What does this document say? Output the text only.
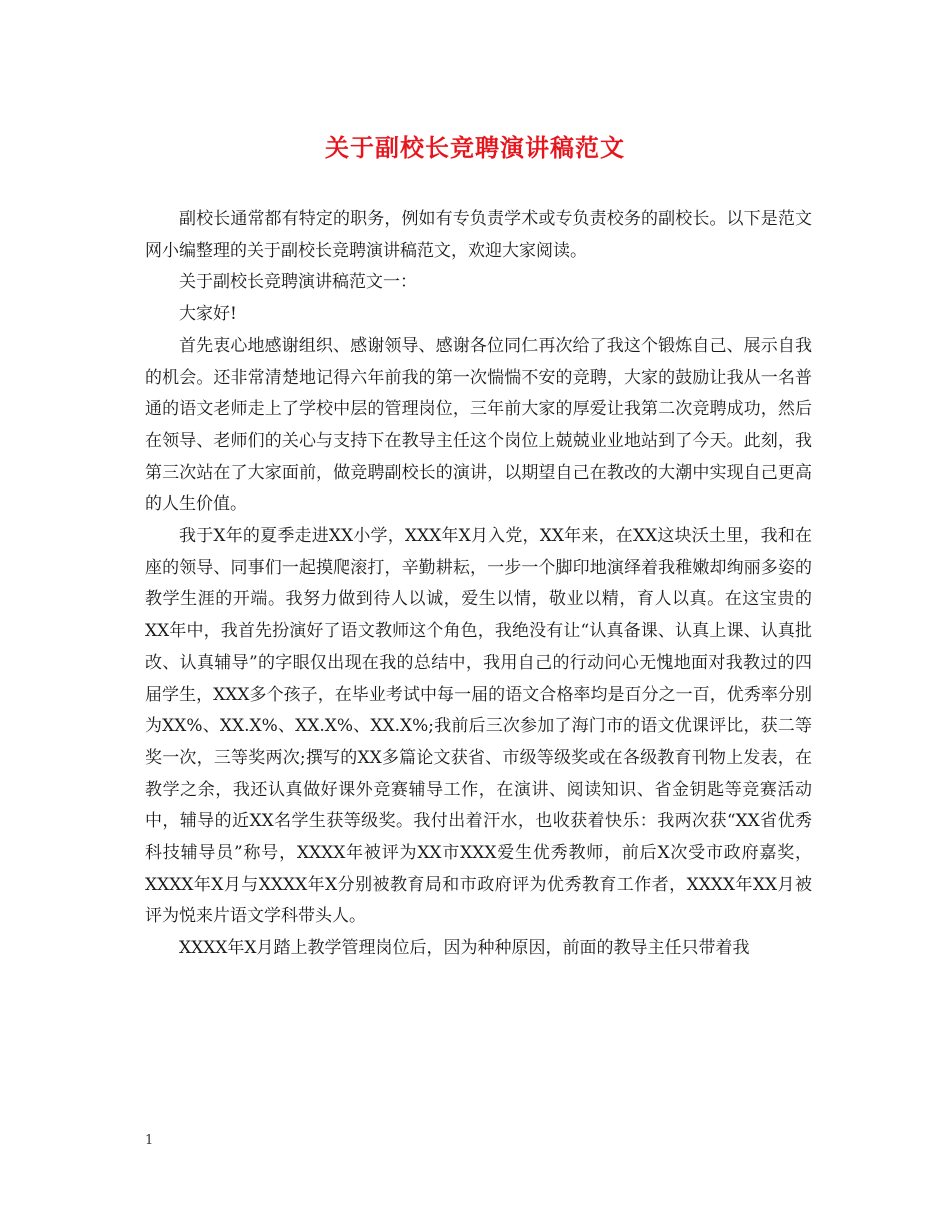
关于副校长竞聘演讲稿范文

副校长通常都有特定的职务，例如有专负责学术或专负责校务的副校长。以下是范文网小编整理的关于副校长竞聘演讲稿范文，欢迎大家阅读。

关于副校长竞聘演讲稿范文一：

大家好!

首先衷心地感谢组织、感谢领导、感谢各位同仁再次给了我这个锻炼自己、展示自我的机会。还非常清楚地记得六年前我的第一次惴惴不安的竞聘，大家的鼓励让我从一名普通的语文老师走上了学校中层的管理岗位，三年前大家的厚爱让我第二次竞聘成功，然后在领导、老师们的关心与支持下在教导主任这个岗位上兢兢业业地站到了今天。此刻，我第三次站在了大家面前，做竞聘副校长的演讲，以期望自己在教改的大潮中实现自己更高的人生价值。

我于X年的夏季走进XX小学，XXX年X月入党，XX年来，在XX这块沃土里，我和在座的领导、同事们一起摸爬滚打，辛勤耕耘，一步一个脚印地演绎着我稚嫩却绚丽多姿的教学生涯的开端。我努力做到待人以诚，爱生以情，敬业以精，育人以真。在这宝贵的XX年中，我首先扮演好了语文教师这个角色，我绝没有让“认真备课、认真上课、认真批改、认真辅导”的字眼仅出现在我的总结中，我用自己的行动问心无愧地面对我教过的四届学生，XXX多个孩子，在毕业考试中每一届的语文合格率均是百分之一百，优秀率分别为XX%、XX.X%、XX.X%、XX.X%;我前后三次参加了海门市的语文优课评比，获二等奖一次，三等奖两次;撰写的XX多篇论文获省、市级等级奖或在各级教育刊物上发表，在教学之余，我还认真做好课外竞赛辅导工作，在演讲、阅读知识、省金钥匙等竞赛活动中，辅导的近XX名学生获等级奖。我付出着汗水，也收获着快乐：我两次获“XX省优秀科技辅导员”称号，XXXX年被评为XX市XXX爱生优秀教师，前后X次受市政府嘉奖，XXXX年X月与XXXX年X分别被教育局和市政府评为优秀教育工作者，XXXX年XX月被评为悦来片语文学科带头人。

XXXX年X月踏上教学管理岗位后，因为种种原因，前面的教导主任只带着我

1
